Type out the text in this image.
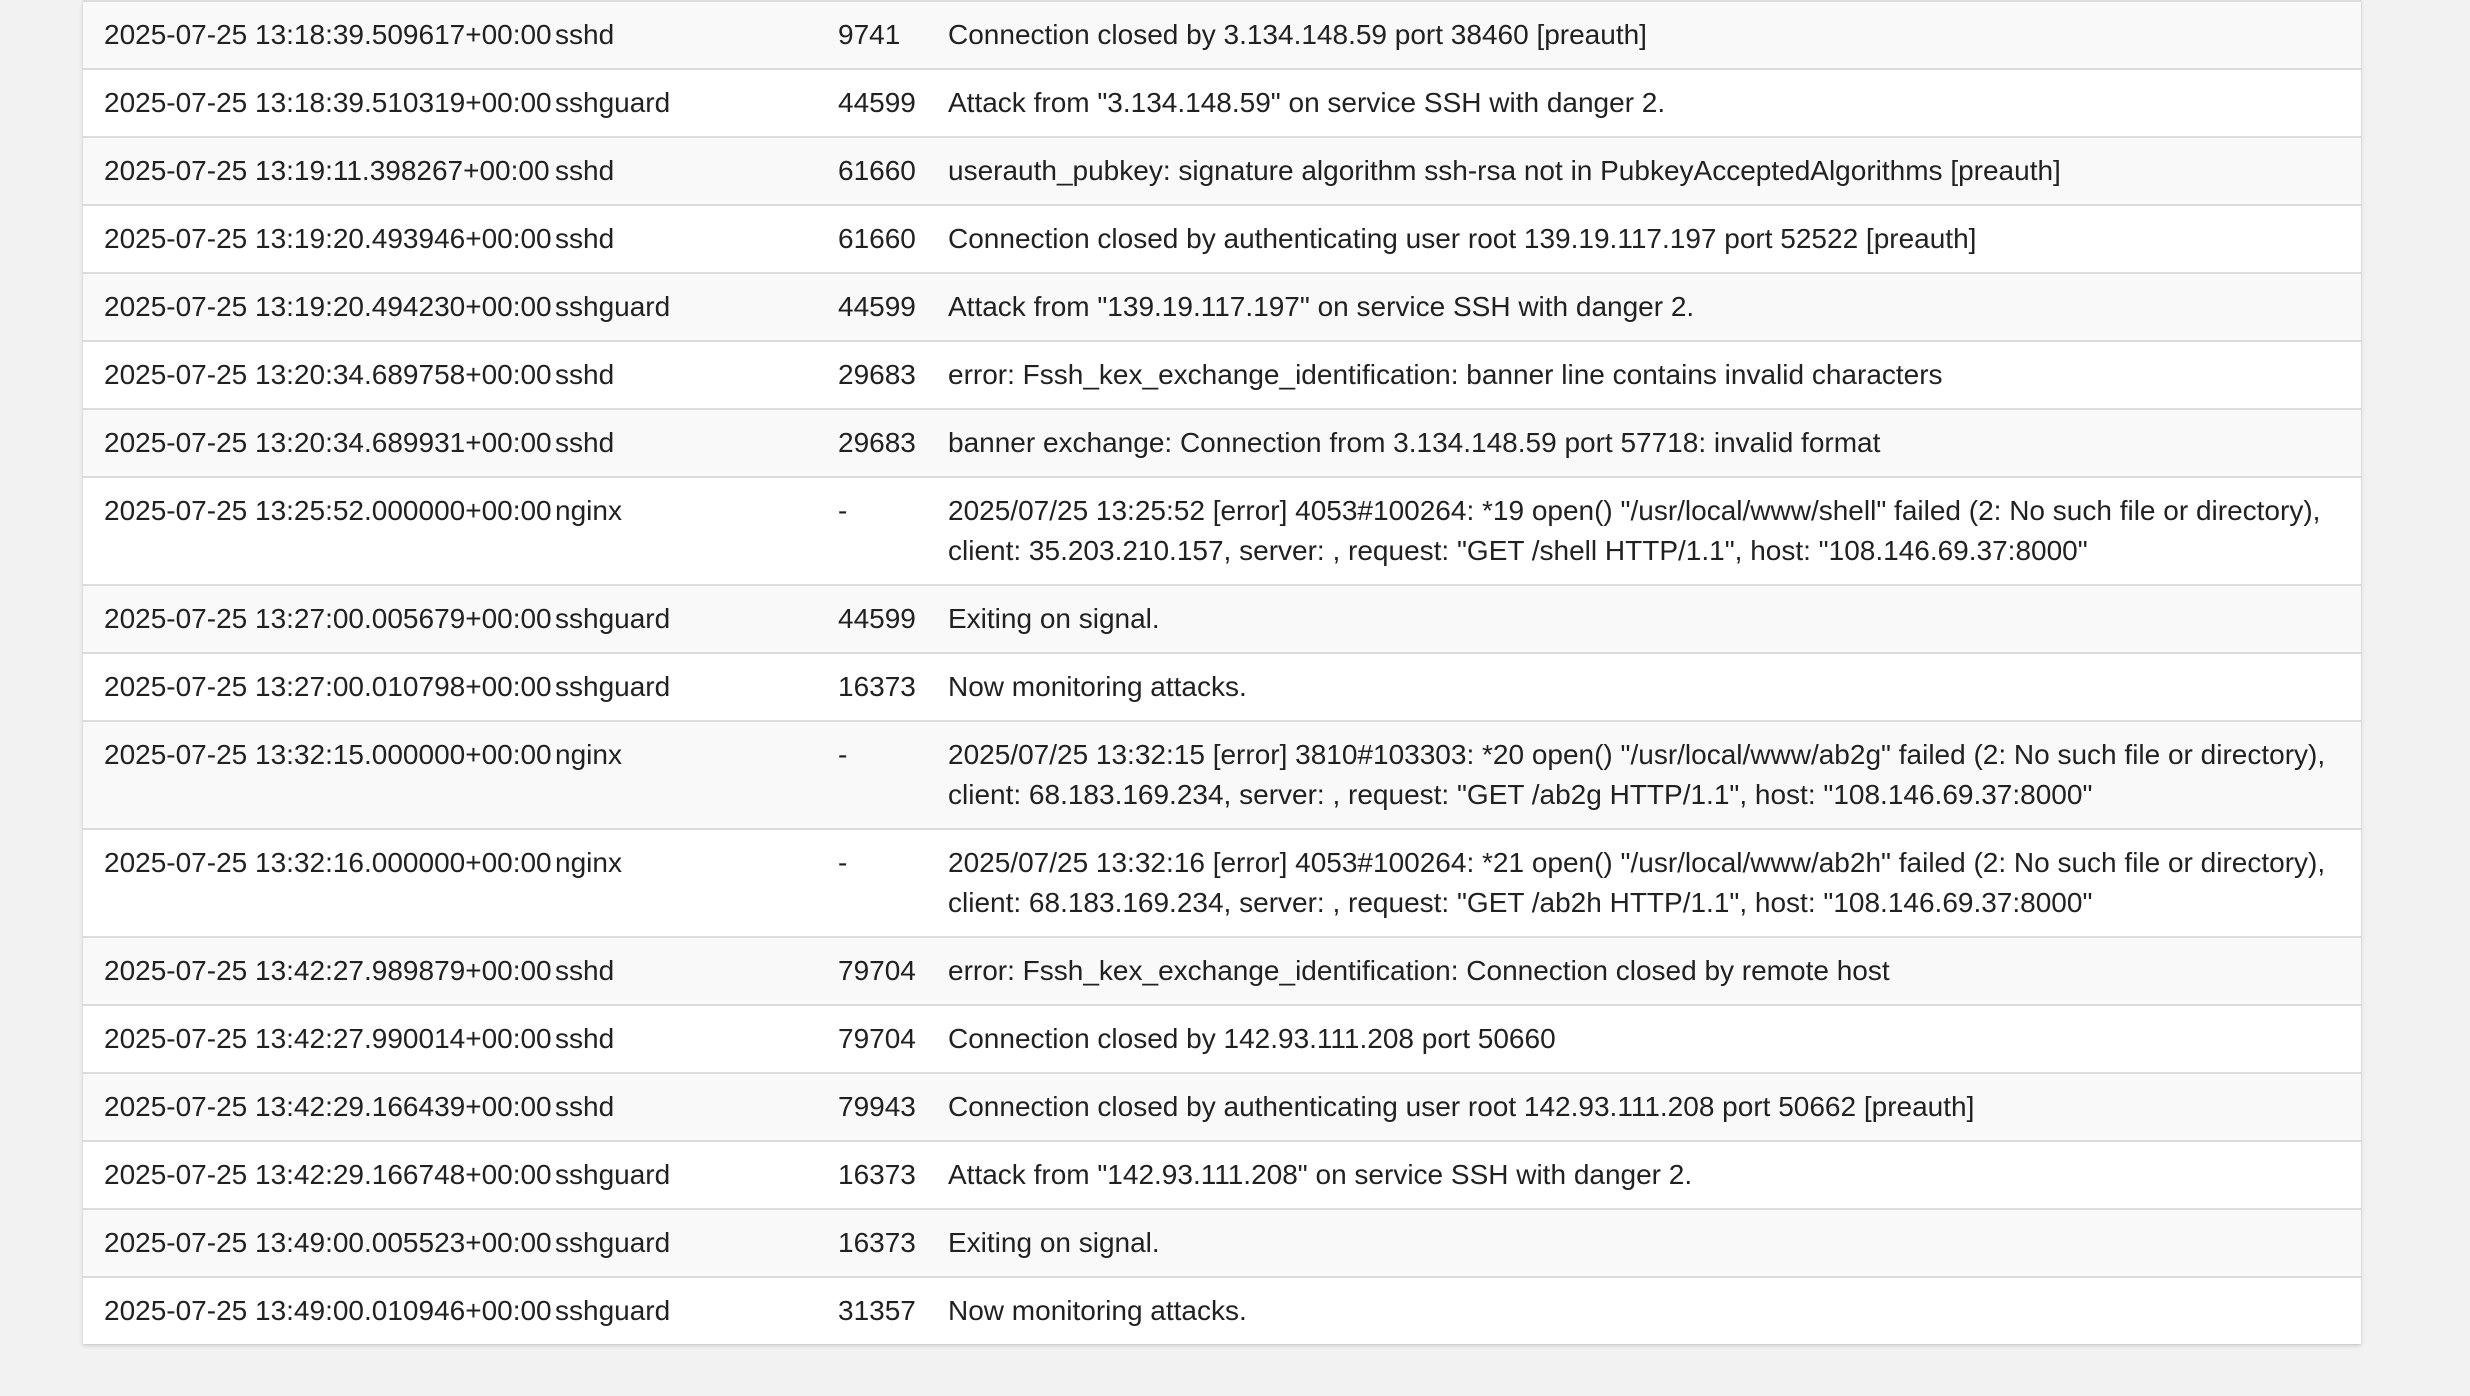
2025-07-25 13:18:39.509617+00:00	sshd	9741	Connection closed by 3.134.148.59 port 38460 [preauth]
2025-07-25 13:18:39.510319+00:00	sshguard	44599	Attack from "3.134.148.59" on service SSH with danger 2.
2025-07-25 13:19:11.398267+00:00	sshd	61660	userauth_pubkey: signature algorithm ssh-rsa not in PubkeyAcceptedAlgorithms [preauth]
2025-07-25 13:19:20.493946+00:00	sshd	61660	Connection closed by authenticating user root 139.19.117.197 port 52522 [preauth]
2025-07-25 13:19:20.494230+00:00	sshguard	44599	Attack from "139.19.117.197" on service SSH with danger 2.
2025-07-25 13:20:34.689758+00:00	sshd	29683	error: Fssh_kex_exchange_identification: banner line contains invalid characters
2025-07-25 13:20:34.689931+00:00	sshd	29683	banner exchange: Connection from 3.134.148.59 port 57718: invalid format
2025-07-25 13:25:52.000000+00:00	nginx	-	2025/07/25 13:25:52 [error] 4053#100264: *19 open() "/usr/local/www/shell" failed (2: No such file or directory), client: 35.203.210.157, server: , request: "GET /shell HTTP/1.1", host: "108.146.69.37:8000"
2025-07-25 13:27:00.005679+00:00	sshguard	44599	Exiting on signal.
2025-07-25 13:27:00.010798+00:00	sshguard	16373	Now monitoring attacks.
2025-07-25 13:32:15.000000+00:00	nginx	-	2025/07/25 13:32:15 [error] 3810#103303: *20 open() "/usr/local/www/ab2g" failed (2: No such file or directory), client: 68.183.169.234, server: , request: "GET /ab2g HTTP/1.1", host: "108.146.69.37:8000"
2025-07-25 13:32:16.000000+00:00	nginx	-	2025/07/25 13:32:16 [error] 4053#100264: *21 open() "/usr/local/www/ab2h" failed (2: No such file or directory), client: 68.183.169.234, server: , request: "GET /ab2h HTTP/1.1", host: "108.146.69.37:8000"
2025-07-25 13:42:27.989879+00:00	sshd	79704	error: Fssh_kex_exchange_identification: Connection closed by remote host
2025-07-25 13:42:27.990014+00:00	sshd	79704	Connection closed by 142.93.111.208 port 50660
2025-07-25 13:42:29.166439+00:00	sshd	79943	Connection closed by authenticating user root 142.93.111.208 port 50662 [preauth]
2025-07-25 13:42:29.166748+00:00	sshguard	16373	Attack from "142.93.111.208" on service SSH with danger 2.
2025-07-25 13:49:00.005523+00:00	sshguard	16373	Exiting on signal.
2025-07-25 13:49:00.010946+00:00	sshguard	31357	Now monitoring attacks.
